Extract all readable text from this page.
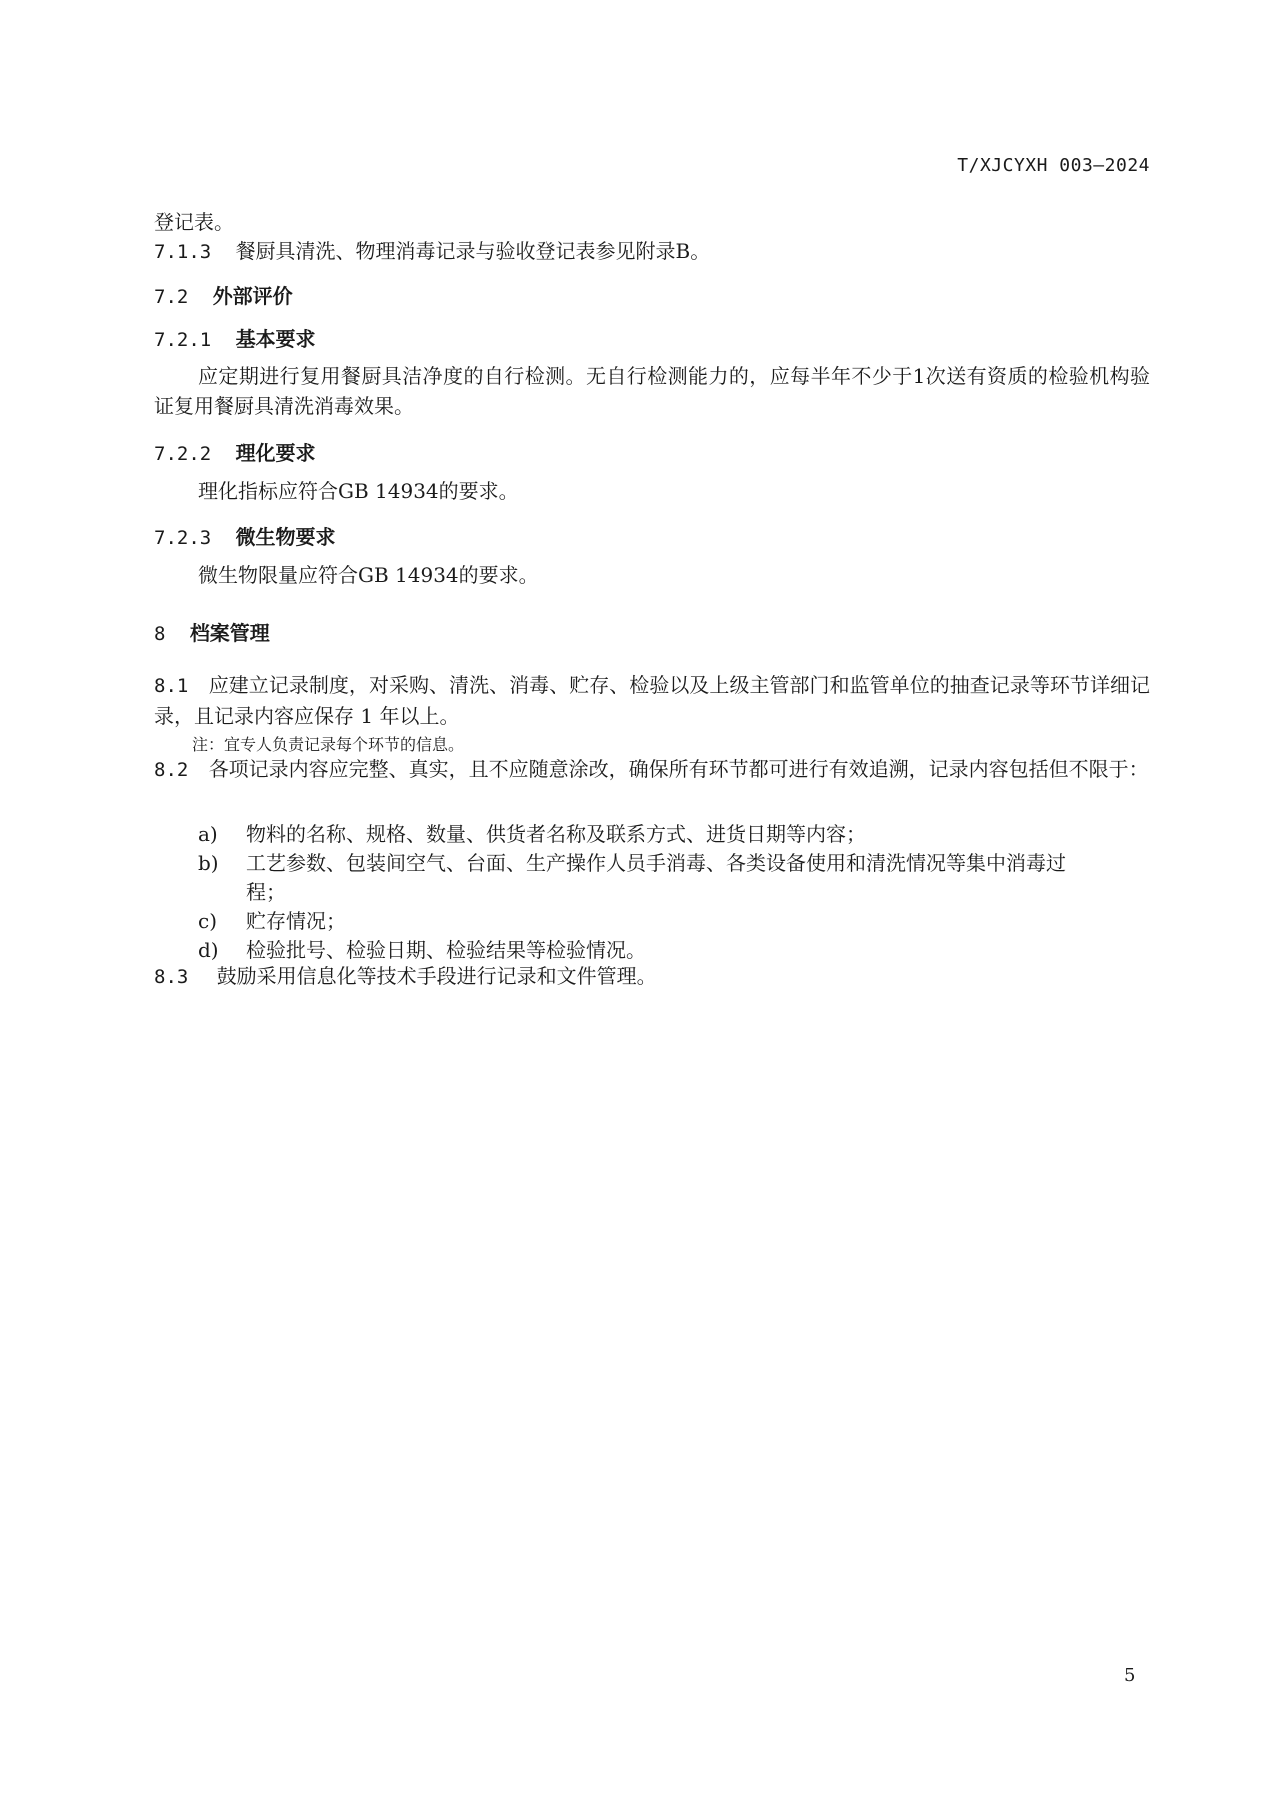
T/XJCYXH 003—2024
登记表。
7.1.3 餐厨具清洗、物理消毒记录与验收登记表参见附录B。
7.2 外部评价
7.2.1 基本要求
应定期进行复用餐厨具洁净度的自行检测。无自行检测能力的，应每半年不少于1次送有资质的检验机构验证复用餐厨具清洗消毒效果。
7.2.2 理化要求
理化指标应符合GB 14934的要求。
7.2.3 微生物要求
微生物限量应符合GB 14934的要求。
8 档案管理
8.1 应建立记录制度，对采购、清洗、消毒、贮存、检验以及上级主管部门和监管单位的抽查记录等环节详细记录，且记录内容应保存 1 年以上。
注：宜专人负责记录每个环节的信息。
8.2 各项记录内容应完整、真实，且不应随意涂改，确保所有环节都可进行有效追溯，记录内容包括但不限于：
a) 物料的名称、规格、数量、供货者名称及联系方式、进货日期等内容；
b) 工艺参数、包装间空气、台面、生产操作人员手消毒、各类设备使用和清洗情况等集中消毒过
程；
c) 贮存情况；
d) 检验批号、检验日期、检验结果等检验情况。
8.3 鼓励采用信息化等技术手段进行记录和文件管理。
5
